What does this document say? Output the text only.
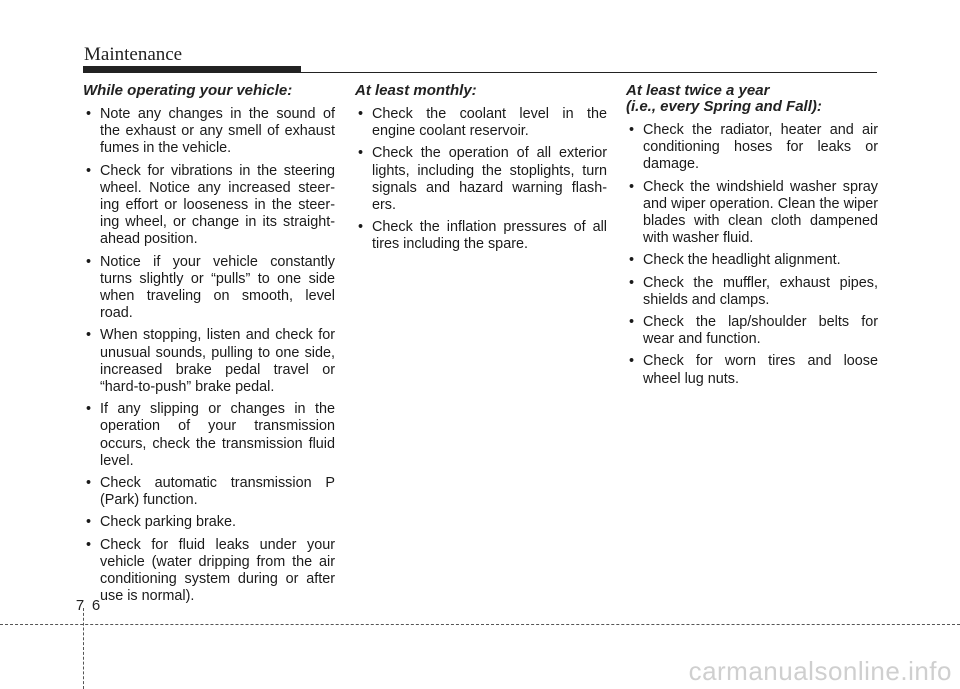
Maintenance
While operating your vehicle:
• Note any changes in the sound of the exhaust or any smell of exhaust fumes in the vehicle.
• Check for vibrations in the steering wheel. Notice any increased steer-ing effort or looseness in the steer-ing wheel, or change in its straight-ahead position.
• Notice if your vehicle constantly turns slightly or “pulls” to one side when traveling on smooth, level road.
• When stopping, listen and check for unusual sounds, pulling to one side, increased brake pedal travel or “hard-to-push” brake pedal.
• If any slipping or changes in the operation of your transmission occurs, check the transmission fluid level.
• Check automatic transmission P (Park) function.
• Check parking brake.
• Check for fluid leaks under your vehicle (water dripping from the air conditioning system during or after use is normal).
At least monthly:
• Check the coolant level in the engine coolant reservoir.
• Check the operation of all exterior lights, including the stoplights, turn signals and hazard warning flash-ers.
• Check the inflation pressures of all tires including the spare.
At least twice a year
(i.e., every Spring and Fall):
• Check the radiator, heater and air conditioning hoses for leaks or damage.
• Check the windshield washer spray and wiper operation. Clean the wiper blades with clean cloth dampened with washer fluid.
• Check the headlight alignment.
• Check the muffler, exhaust pipes, shields and clamps.
• Check the lap/shoulder belts for wear and function.
• Check for worn tires and loose wheel lug nuts.
7 6
carmanualsonline.info
